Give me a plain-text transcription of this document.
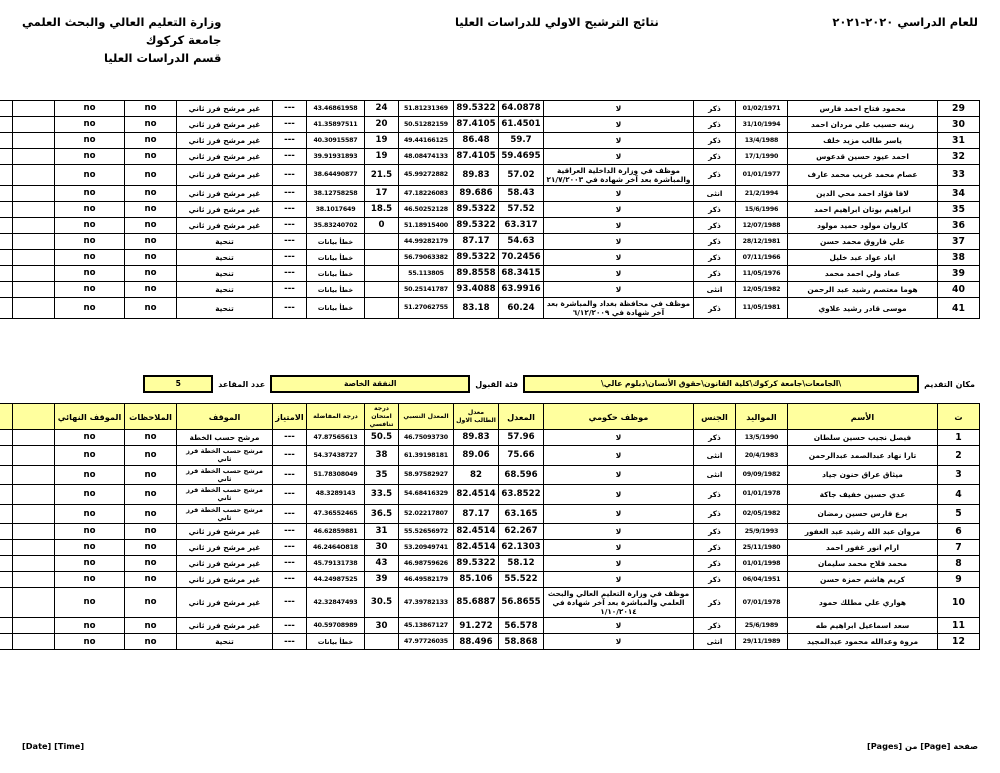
وزارة التعليم العالي والبحث العلمي
جامعة كركوك
قسم الدراسات العليا
نتائج الترشيح الاولي للدراسات العليا	للعام الدراسي ٢٠٢٠-٢٠٢١
29	محمود فتاح احمد فارس	01/02/1971	ذكر	لا	64.0878	89.5322	51.81231369	24	43.46861958	---	غير مرشح فرز ثاني	no	no		
30	زينه حسيب علي مردان احمد	31/10/1994	ذكر	لا	61.4501	87.4105	50.51282159	20	41.35897511	---	غير مرشح فرز ثاني	no	no		
31	ياسر طالب مزيد خلف	13/4/1988	ذكر	لا	59.7	86.48	49.44166125	19	40.30915587	---	غير مرشح فرز ثاني	no	no		
32	احمد عيود حسين قدعوس	17/1/1990	ذكر	لا	59.4695	87.4105	48.08474133	19	39.91931893	---	غير مرشح فرز ثاني	no	no		
33	عصام محمد غريب محمد عارف	01/01/1977	ذكر	موظف في وزارة الداخلية العراقية والمباشرة بعد آخر شهادة في ٢١/٧/٢٠٠٣	57.02	89.83	45.99272882	21.5	38.64490877	---	غير مرشح فرز ثاني	no	no		
34	لافا فؤاد احمد محي الدين	21/2/1994	انثى	لا	58.43	89.686	47.18226083	17	38.12758258	---	غير مرشح فرز ثاني	no	no		
35	ابراهيم بوتان ابراهيم احمد	15/6/1996	ذكر	لا	57.52	89.5322	46.50252128	18.5	38.1017649	---	غير مرشح فرز ثاني	no	no		
36	كاروان مولود حميد مولود	12/07/1988	ذكر	لا	63.317	89.5322	51.18915400	0	35.83240702	---	غير مرشح فرز ثاني	no	no		
37	علي فاروق محمد حسن	28/12/1981	ذكر	لا	54.63	87.17	44.99282179		خطأ بيانات	---	تنحية	no	no		
38	اياد عواد عبد خليل	07/11/1966	ذكر	لا	70.2456	89.5322	56.79063382		خطأ بيانات	---	تنحية	no	no		
39	عماد ولي احمد محمد	11/05/1976	ذكر	لا	68.3415	89.8558	55.113805		خطأ بيانات	---	تنحية	no	no		
40	هوما معتصم رشيد عبد الرحمن	12/05/1982	انثى	لا	63.9916	93.4088	50.25141787		خطأ بيانات	---	تنحية	no	no		
41	موسى قادر رشيد علاوي	11/05/1981	ذكر	موظف في محافظة بغداد والمباشرة بعد آخر شهادة في ٦/١٢/٢٠٠٩	60.24	83.18	51.27062755		خطأ بيانات	---	تنحية	no	no		
مكان التقديم
\الجامعات\جامعة كركوك\كلية القانون\حقوق الأنسان\دبلوم عالي\
فئة القبول
النفقة الخاصة
عدد المقاعد
5
ت	الأسم	المواليد	الجنس	موظف حكومي	المعدل	معدل الطالب الاول	المعدل النسبي	درجة امتحان تنافسي	درجة المفاضلة	الامتياز	الموقف	الملاحظات	الموقف النهائي		
1	فيصل نجيب حسين سلطان	13/5/1990	ذكر	لا	57.96	89.83	46.75093730	50.5	47.87565613	---	مرشح حسب الخطة	no	no		
2	تارا نهاد عبدالصمد عبدالرحمن	20/4/1983	انثى	لا	75.66	89.06	61.39198181	38	54.37438727	---	مرشح حسب الخطة فرز ثاني	no	no		
3	ميثاق عراق حنون جياد	09/09/1982	انثى	لا	68.596	82	58.97582927	35	51.78308049	---	مرشح حسب الخطة فرز ثاني	no	no		
4	عدي حسين خفيف جاكة	01/01/1978	ذكر	لا	63.8522	82.4514	54.68416329	33.5	48.3289143	---	مرشح حسب الخطة فرز ثاني	no	no		
5	برع فارس حسين رمضان	02/05/1982	ذكر	لا	63.165	87.17	52.02217807	36.5	47.36552465	---	مرشح حسب الخطة فرز ثاني	no	no		
6	مروان عبد الله رشيد عبد الغفور	25/9/1993	ذكر	لا	62.267	82.4514	55.52656972	31	46.62859881	---	غير مرشح فرز ثاني	no	no		
7	ارام انور غفور احمد	25/11/1980	ذكر	لا	62.1303	82.4514	53.20949741	30	46.2464O818	---	غير مرشح فرز ثاني	no	no		
8	محمد فلاح محمد سليمان	01/01/1998	ذكر	لا	58.12	89.5322	46.98759626	43	45.79131738	---	غير مرشح فرز ثاني	no	no		
9	كريم هاشم حمزة حسن	06/04/1951	ذكر	لا	55.522	85.106	46.49582179	39	44.24987525	---	غير مرشح فرز ثاني	no	no		
10	هواري علي مطلك حمود	07/01/1978	ذكر	موظف في وزارة التعليم العالي والبحث العلمي والمباشرة بعد آخر شهادة في ١/١٠/٢٠١٤	56.8655	85.6887	47.39782133	30.5	42.32847493	---	غير مرشح فرز ثاني	no	no		
11	سعد اسماعيل ابراهيم طه	25/6/1989	ذكر	لا	56.578	91.272	45.13867127	30	40.59708989	---	غير مرشح فرز ثاني	no	no		
12	مروة وعدالله محمود عبدالمجيد	29/11/1989	انثى	لا	58.868	88.496	47.97726035		خطأ بيانات	---	تنحية	no	no		
[Date] [Time]	صفحة [Page] من [Pages]
